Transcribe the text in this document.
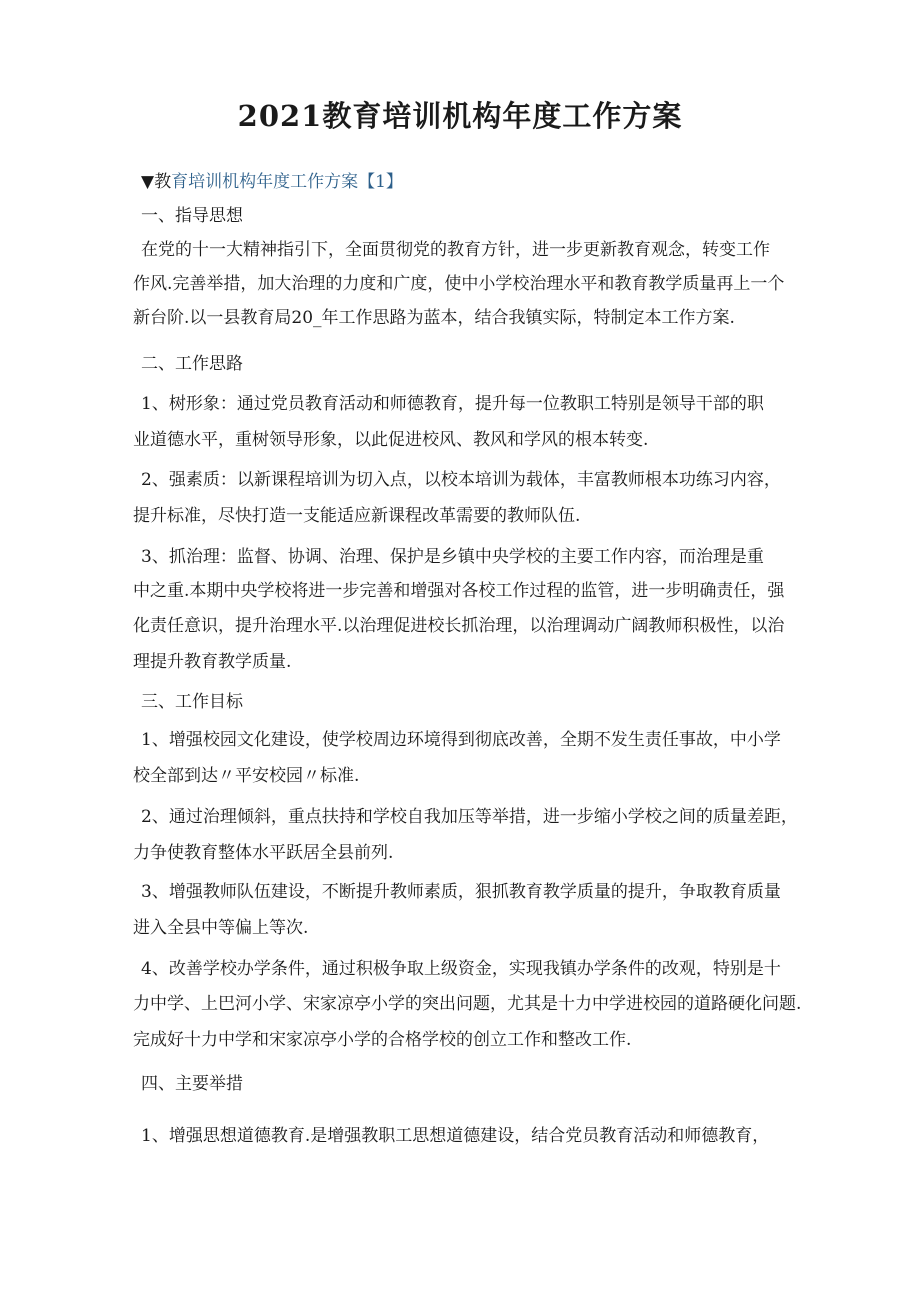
2021教育培训机构年度工作方案
▼教育培训机构年度工作方案【1】
一、指导思想
在党的十一大精神指引下，全面贯彻党的教育方针，进一步更新教育观念，转变工作
作风.完善举措，加大治理的力度和广度，使中小学校治理水平和教育教学质量再上一个
新台阶.以一县教育局20_年工作思路为蓝本，结合我镇实际，特制定本工作方案.
二、工作思路
1、树形象：通过党员教育活动和师德教育，提升每一位教职工特别是领导干部的职
业道德水平，重树领导形象，以此促进校风、教风和学风的根本转变.
2、强素质：以新课程培训为切入点，以校本培训为载体，丰富教师根本功练习内容，
提升标准，尽快打造一支能适应新课程改革需要的教师队伍.
3、抓治理：监督、协调、治理、保护是乡镇中央学校的主要工作内容，而治理是重
中之重.本期中央学校将进一步完善和增强对各校工作过程的监管，进一步明确责任，强
化责任意识，提升治理水平.以治理促进校长抓治理，以治理调动广阔教师积极性，以治
理提升教育教学质量.
三、工作目标
1、增强校园文化建设，使学校周边环境得到彻底改善，全期不发生责任事故，中小学
校全部到达〃平安校园〃标准.
2、通过治理倾斜，重点扶持和学校自我加压等举措，进一步缩小学校之间的质量差距，
力争使教育整体水平跃居全县前列.
3、增强教师队伍建设，不断提升教师素质，狠抓教育教学质量的提升，争取教育质量
进入全县中等偏上等次.
4、改善学校办学条件，通过积极争取上级资金，实现我镇办学条件的改观，特别是十
力中学、上巴河小学、宋家凉亭小学的突出问题，尤其是十力中学进校园的道路硬化问题.
完成好十力中学和宋家凉亭小学的合格学校的创立工作和整改工作.
四、主要举措
1、增强思想道德教育.是增强教职工思想道德建设，结合党员教育活动和师德教育，
